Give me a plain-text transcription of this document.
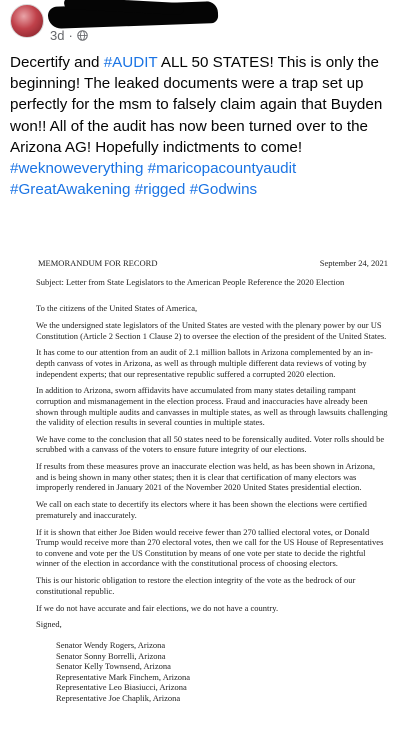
3d ·
Decertify and #AUDIT ALL 50 STATES! This is only the beginning! The leaked documents were a trap set up perfectly for the msm to falsely claim again that Buyden won!! All of the audit has now been turned over to the Arizona AG! Hopefully indictments to come! #weknoweverything #maricopacountyaudit #GreatAwakening #rigged #Godwins
MEMORANDUM FOR RECORD	September 24, 2021

Subject: Letter from State Legislators to the American People Reference the 2020 Election

To the citizens of the United States of America,

We the undersigned state legislators of the United States are vested with the plenary power by our US Constitution (Article 2 Section 1 Clause 2) to oversee the election of the president of the United States.

It has come to our attention from an audit of 2.1 million ballots in Arizona complemented by an in-depth canvass of votes in Arizona, as well as through multiple different data reviews of voting by independent experts; that our representative republic suffered a corrupted 2020 election.

In addition to Arizona, sworn affidavits have accumulated from many states detailing rampant corruption and mismanagement in the election process. Fraud and inaccuracies have already been shown through multiple audits and canvasses in multiple states, as well as through lawsuits challenging the validity of election results in several counties in multiple states.

We have come to the conclusion that all 50 states need to be forensically audited. Voter rolls should be scrubbed with a canvass of the voters to ensure future integrity of our elections.

If results from these measures prove an inaccurate election was held, as has been shown in Arizona, and is being shown in many other states; then it is clear that certification of many electors was improperly rendered in January 2021 of the November 2020 United States presidential election.

We call on each state to decertify its electors where it has been shown the elections were certified prematurely and inaccurately.

If it is shown that either Joe Biden would receive fewer than 270 tallied electoral votes, or Donald Trump would receive more than 270 electoral votes, then we call for the US House of Representatives to convene and vote per the US Constitution by means of one vote per state to decide the rightful winner of the election in accordance with the constitutional process of choosing electors.

This is our historic obligation to restore the election integrity of the vote as the bedrock of our constitutional republic.

If we do not have accurate and fair elections, we do not have a country.

Signed,

Senator Wendy Rogers, Arizona
Senator Sonny Borrelli, Arizona
Senator Kelly Townsend, Arizona
Representative Mark Finchem, Arizona
Representative Leo Biasiucci, Arizona
Representative Joe Chaplik, Arizona
